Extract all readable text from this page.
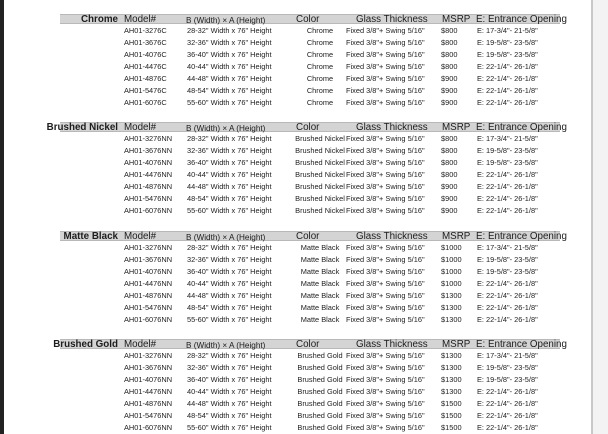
Chrome Model#	B (Width) × A (Height)	Color	Glass Thickness MSRP E: Entrance Opening
AH01-3276C	28-32" Width x 76" Height	Chrome	Fixed 3/8"+ Swing 5/16" $800	E: 17-3/4"- 21-5/8"
AH01-3676C	32-36" Width x 76" Height	Chrome	Fixed 3/8"+ Swing 5/16" $800	E: 19-5/8"- 23-5/8"
AH01-4076C	36-40" Width x 76" Height	Chrome	Fixed 3/8"+ Swing 5/16" $800	E: 19-5/8"- 23-5/8"
AH01-4476C	40-44" Width x 76" Height	Chrome	Fixed 3/8"+ Swing 5/16" $800	E: 22-1/4"- 26-1/8"
AH01-4876C	44-48" Width x 76" Height	Chrome	Fixed 3/8"+ Swing 5/16" $900	E: 22-1/4"- 26-1/8"
AH01-5476C	48-54" Width x 76" Height	Chrome	Fixed 3/8"+ Swing 5/16" $900	E: 22-1/4"- 26-1/8"
AH01-6076C	55-60" Width x 76" Height	Chrome	Fixed 3/8"+ Swing 5/16" $900	E: 22-1/4"- 26-1/8"
Brushed Nickel Model#	B (Width) × A (Height)	Color	Glass Thickness MSRP E: Entrance Opening
AH01-3276NN 28-32" Width x 76" Height	Brushed Nickel Fixed 3/8"+ Swing 5/16" $800	E: 17-3/4"- 21-5/8"
AH01-3676NN 32-36" Width x 76" Height	Brushed Nickel Fixed 3/8"+ Swing 5/16" $800	E: 19-5/8"- 23-5/8"
AH01-4076NN 36-40" Width x 76" Height	Brushed Nickel Fixed 3/8"+ Swing 5/16" $800	E: 19-5/8"- 23-5/8"
AH01-4476NN 40-44" Width x 76" Height	Brushed Nickel Fixed 3/8"+ Swing 5/16" $800	E: 22-1/4"- 26-1/8"
AH01-4876NN 44-48" Width x 76" Height	Brushed Nickel Fixed 3/8"+ Swing 5/16" $900	E: 22-1/4"- 26-1/8"
AH01-5476NN 48-54" Width x 76" Height	Brushed Nickel Fixed 3/8"+ Swing 5/16" $900	E: 22-1/4"- 26-1/8"
AH01-6076NN 55-60" Width x 76" Height	Brushed Nickel Fixed 3/8"+ Swing 5/16" $900	E: 22-1/4"- 26-1/8"
Matte Black Model#	B (Width) × A (Height)	Color	Glass Thickness MSRP E: Entrance Opening
AH01-3276NN 28-32" Width x 76" Height	Matte Black Fixed 3/8"+ Swing 5/16" $1000 E: 17-3/4"- 21-5/8"
AH01-3676NN 32-36" Width x 76" Height	Matte Black Fixed 3/8"+ Swing 5/16" $1000 E: 19-5/8"- 23-5/8"
AH01-4076NN 36-40" Width x 76" Height	Matte Black Fixed 3/8"+ Swing 5/16" $1000 E: 19-5/8"- 23-5/8"
AH01-4476NN 40-44" Width x 76" Height	Matte Black Fixed 3/8"+ Swing 5/16" $1000 E: 22-1/4"- 26-1/8"
AH01-4876NN 44-48" Width x 76" Height	Matte Black Fixed 3/8"+ Swing 5/16" $1300 E: 22-1/4"- 26-1/8"
AH01-5476NN 48-54" Width x 76" Height	Matte Black Fixed 3/8"+ Swing 5/16" $1300 E: 22-1/4"- 26-1/8"
AH01-6076NN 55-60" Width x 76" Height	Matte Black Fixed 3/8"+ Swing 5/16" $1300 E: 22-1/4"- 26-1/8"
Brushed Gold Model#	B (Width) × A (Height)	Color	Glass Thickness MSRP E: Entrance Opening
AH01-3276NN 28-32" Width x 76" Height	Brushed Gold Fixed 3/8"+ Swing 5/16" $1300 E: 17-3/4"- 21-5/8"
AH01-3676NN 32-36" Width x 76" Height	Brushed Gold Fixed 3/8"+ Swing 5/16" $1300 E: 19-5/8"- 23-5/8"
AH01-4076NN 36-40" Width x 76" Height	Brushed Gold Fixed 3/8"+ Swing 5/16" $1300 E: 19-5/8"- 23-5/8"
AH01-4476NN 40-44" Width x 76" Height	Brushed Gold Fixed 3/8"+ Swing 5/16" $1300 E: 22-1/4"- 26-1/8"
AH01-4876NN 44-48" Width x 76" Height	Brushed Gold Fixed 3/8"+ Swing 5/16" $1500 E: 22-1/4"- 26-1/8"
AH01-5476NN 48-54" Width x 76" Height	Brushed Gold Fixed 3/8"+ Swing 5/16" $1500 E: 22-1/4"- 26-1/8"
AH01-6076NN 55-60" Width x 76" Height	Brushed Gold Fixed 3/8"+ Swing 5/16" $1500 E: 22-1/4"- 26-1/8"
